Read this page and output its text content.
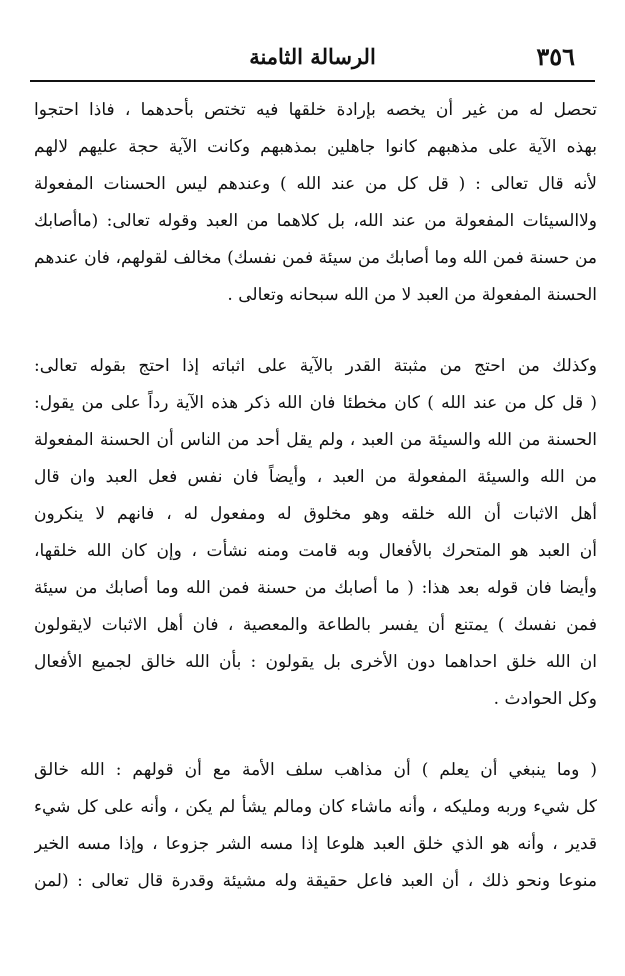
٣٥٦
الرسالة الثامنة
تحصل له من غير أن يخصه بإرادة خلقها فيه تختص بأحدهما ، فاذا احتجوا
بهذه الآية على مذهبهم كانوا جاهلين بمذهبهم وكانت الآية حجة عليهم لالهم
لأنه قال تعالى : ( قل كل من عند الله ) وعندهم ليس الحسنات المفعولة
ولاالسيئات المفعولة من عند الله، بل كلاهما من العبد وقوله تعالى: (ماأصابك
من حسنة فمن الله وما أصابك من سيئة فمن نفسك) مخالف لقولهم، فان عندهم
الحسنة المفعولة من العبد لا من الله سبحانه وتعالى .
وكذلك من احتج من مثبتة القدر بالآية على اثباته إذا احتج بقوله تعالى:
( قل كل من عند الله ) كان مخطئا فان الله ذكر هذه الآية رداً على من يقول:
الحسنة من الله والسيئة من العبد ، ولم يقل أحد من الناس أن الحسنة المفعولة
من الله والسيئة المفعولة من العبد ، وأيضاً فان نفس فعل العبد وان قال
أهل الاثبات أن الله خلقه وهو مخلوق له ومفعول له ، فانهم لا ينكرون
أن العبد هو المتحرك بالأفعال وبه قامت ومنه نشأت ، وإن كان الله خلقها،
وأيضا فان قوله بعد هذا: ( ما أصابك من حسنة فمن الله وما أصابك من سيئة
فمن نفسك ) يمتنع أن يفسر بالطاعة والمعصية ، فان أهل الاثبات لايقولون
ان الله خلق احداهما دون الأخرى بل يقولون : بأن الله خالق لجميع الأفعال
وكل الحوادث .
( وما ينبغي أن يعلم ) أن مذاهب سلف الأمة مع أن قولهم : الله خالق
كل شيء وربه ومليكه ، وأنه ماشاء كان ومالم يشأ لم يكن ، وأنه على كل شيء
قدير ، وأنه هو الذي خلق العبد هلوعا إذا مسه الشر جزوعا ، وإذا مسه الخير
منوعا ونحو ذلك ، أن العبد فاعل حقيقة وله مشيئة وقدرة قال تعالى : (لمن
